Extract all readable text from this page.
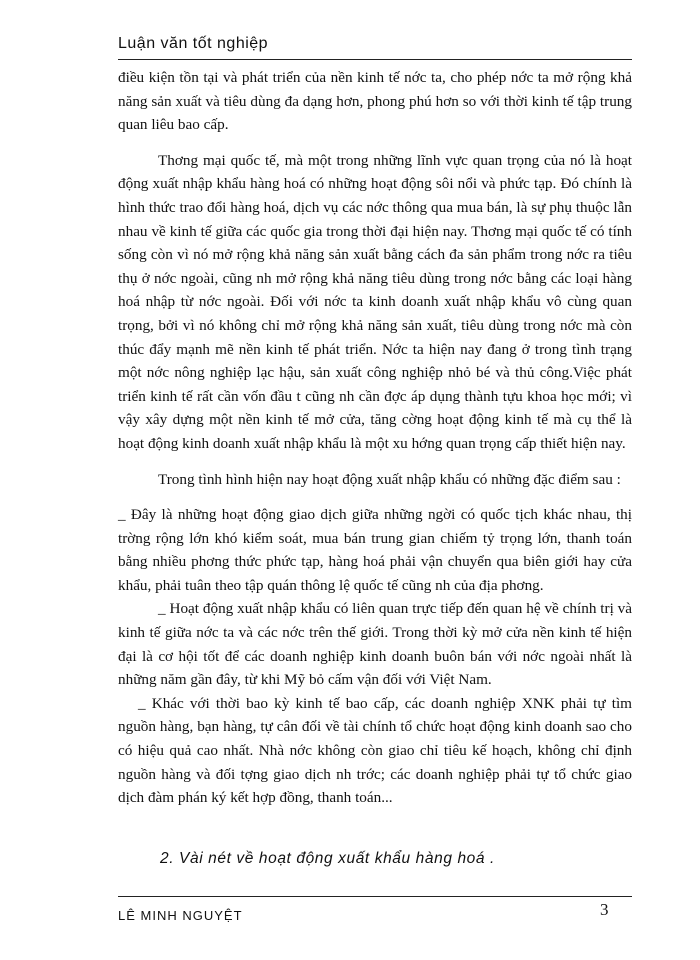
Luận văn tốt nghiệp

điều kiện tồn tại và phát triển của nền kinh tế nớc ta, cho phép nớc ta mở rộng khả năng sản xuất và tiêu dùng đa dạng hơn, phong phú hơn so với thời kinh tế tập trung quan liêu bao cấp.

Thơng mại quốc tế, mà một trong những lĩnh vực quan trọng của nó là hoạt động xuất nhập khẩu hàng hoá có những hoạt động sôi nổi và phức tạp. Đó chính là hình thức trao đổi hàng hoá, dịch vụ các nớc thông qua mua bán, là sự phụ thuộc lẫn nhau về kinh tế giữa các quốc gia trong thời đại hiện nay. Thơng mại quốc tế có tính sống còn vì nó mở rộng khả năng sản xuất bằng cách đa sản phẩm trong nớc ra tiêu thụ ở nớc ngoài, cũng nh mở rộng khả năng tiêu dùng trong nớc bằng các loại hàng hoá nhập từ nớc ngoài. Đối với nớc ta kinh doanh xuất nhập khẩu vô cùng quan trọng, bởi vì nó không chỉ mở rộng khả năng sản xuất, tiêu dùng trong nớc mà còn thúc đẩy mạnh mẽ nền kinh tế phát triển. Nớc ta hiện nay đang ở trong tình trạng một nớc nông nghiệp lạc hậu, sản xuất công nghiệp nhỏ bé và thủ công.Việc phát triển kinh tế rất cần vốn đầu t cũng nh cần đợc áp dụng thành tựu khoa học mới; vì vậy xây dựng một nền kinh tế mở cửa, tăng cờng hoạt động kinh tế mà cụ thể là hoạt động kinh doanh xuất nhập khẩu là một xu hớng quan trọng cấp thiết hiện nay.

Trong tình hình hiện nay hoạt động xuất nhập khẩu có những đặc điểm sau :

_ Đây là những hoạt động giao dịch giữa những ngời có quốc tịch khác nhau, thị trờng rộng lớn khó kiểm soát, mua bán trung gian chiếm tỷ trọng lớn, thanh toán bằng nhiều phơng thức phức tạp, hàng hoá phải vận chuyển qua biên giới hay cửa khẩu, phải tuân theo tập quán thông lệ quốc tế cũng nh của địa phơng.

_ Hoạt động xuất nhập khẩu có liên quan trực tiếp đến quan hệ về chính trị và kinh tế giữa nớc ta và các nớc trên thế giới. Trong thời kỳ mở cửa nền kinh tế hiện đại là cơ hội tốt để các doanh nghiệp kinh doanh buôn bán với nớc ngoài nhất là những năm gần đây, từ khi Mỹ bỏ cấm vận đối với Việt Nam.

_ Khác với thời bao kỳ kinh tế bao cấp, các doanh nghiệp XNK phải tự tìm nguồn hàng, bạn hàng, tự cân đối về tài chính tổ chức hoạt động kinh doanh sao cho có hiệu quả cao nhất. Nhà nớc không còn giao chỉ tiêu kế hoạch, không chỉ định nguồn hàng và đối tợng giao dịch nh trớc; các doanh nghiệp phải tự tổ chức giao dịch đàm phán ký kết hợp đồng, thanh toán...

2. Vài nét về hoạt động xuất khẩu hàng hoá .
LÊ MINH NGUYỆT	3
